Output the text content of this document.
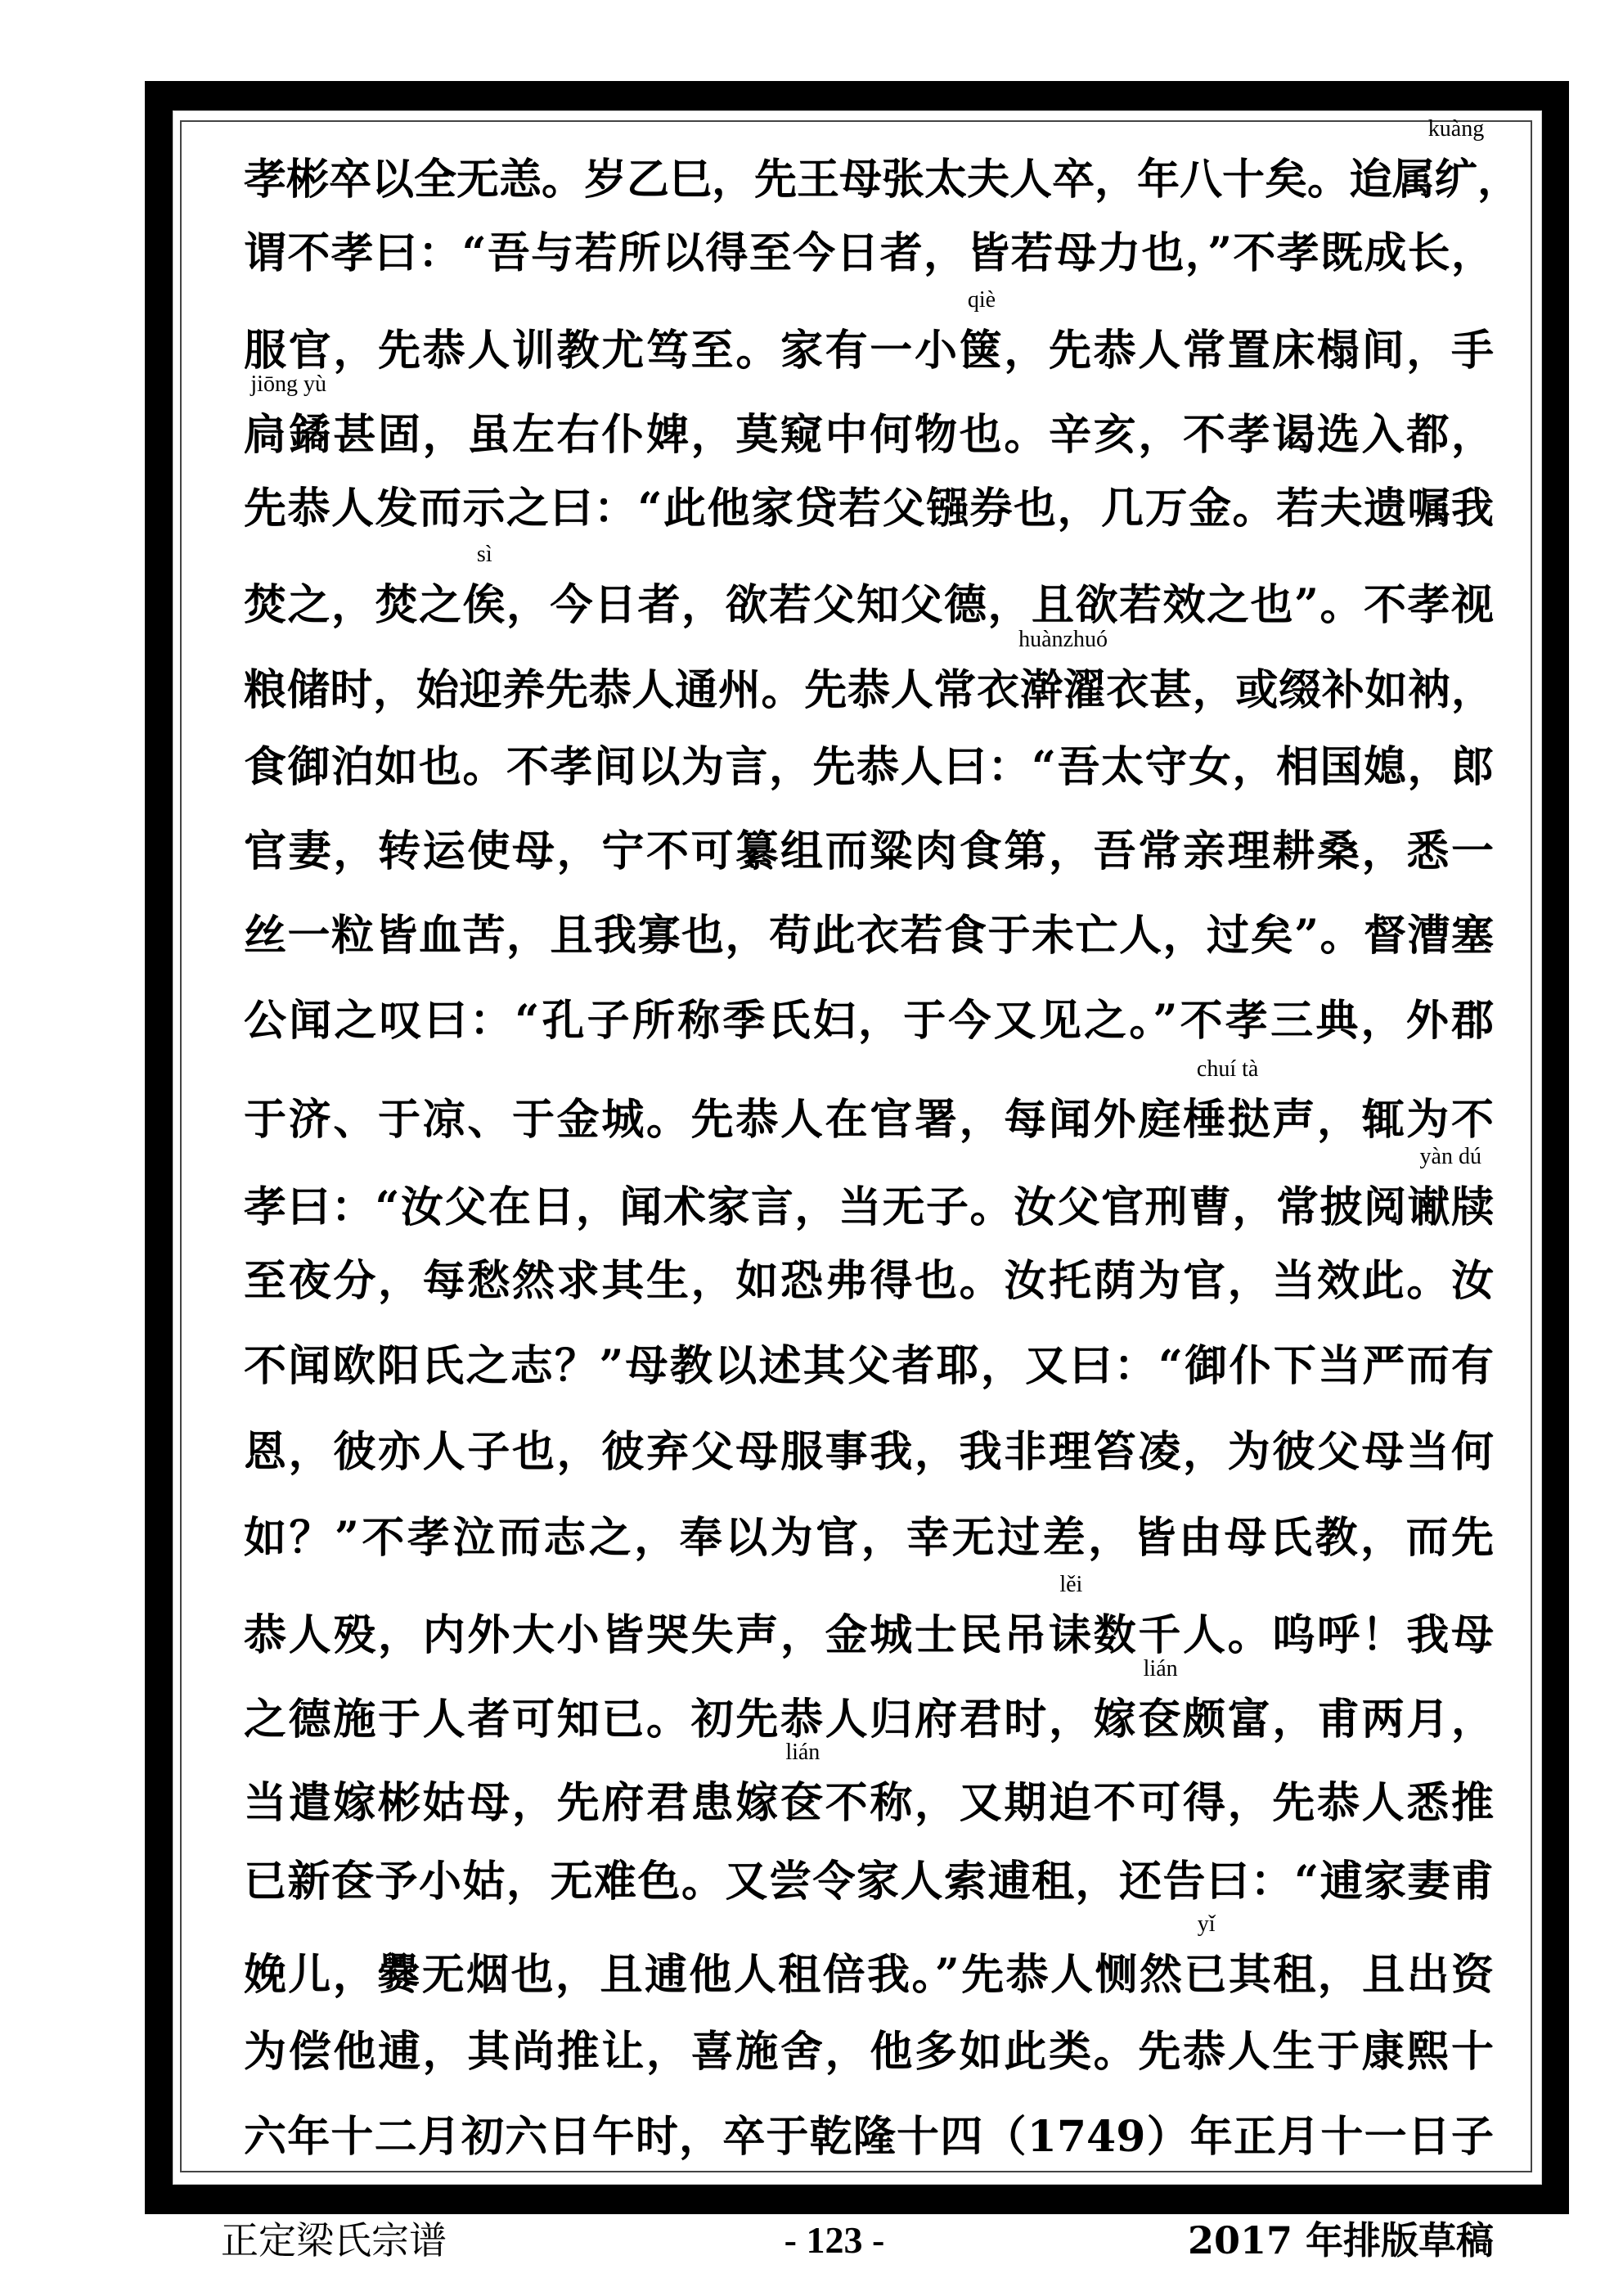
孝彬卒以全无恙。岁乙巳，先王母张太夫人卒，年八十矣。迨属纩
kuàng
，
谓不孝曰：“吾与若所以得至今日者，皆若母力也，”不孝既成长，
服官，先恭人训教尤笃至。家有一小箧
qiè
，先恭人常置床榻间，手
扃鐍
jiōng yù
甚固，虽左右仆婢，莫窥中何物也。辛亥，不孝谒选入都，
先恭人发而示之曰：“此他家贷若父镪券也，几万金。若夫遗嘱我
焚之，焚之俟
sì
，今日者，欲若父知父德，且欲若效之也”。不孝视
粮储时，始迎养先恭人通州。先恭人常衣澣濯
huànzhuó
衣甚，或缀补如衲，
食御泊如也。不孝间以为言，先恭人曰：“吾太守女，相国媳，郎
官妻，转运使母，宁不可纂组而粱肉食第，吾常亲理耕桑，悉一
丝一粒皆血苦，且我寡也，苟此衣若食于未亡人，过矣”。督漕塞
公闻之叹曰：“孔子所称季氏妇，于今又见之。”不孝三典，外郡
于济、于凉、于金城。先恭人在官署，每闻外庭棰挞
chuí tà
声，辄为不
孝曰：“汝父在日，闻术家言，当无子。汝父官刑曹，常披阅谳牍
yàn dú
至夜分，每愁然求其生，如恐弗得也。汝托荫为官，当效此。汝
不闻欧阳氏之志？”母教以述其父者耶，又曰：“御仆下当严而有
恩，彼亦人子也，彼弃父母服事我，我非理笞凌，为彼父母当何
如？”不孝泣而志之，奉以为官，幸无过差，皆由母氏教，而先
恭人殁，内外大小皆哭失声，金城士民吊诔
lěi
数千人。呜呼！我母
之德施于人者可知已。初先恭人归府君时，嫁奁
lián
颇富，甫两月，
当遣嫁彬姑母，先府君患嫁奁
lián
不称，又期迫不可得，先恭人悉推
已新奁予小姑，无难色。又尝令家人索逋租，还告曰：“逋家妻甫
娩儿，爨无烟也，且逋他人租倍我。”先恭人恻然已
yǐ
其租，且出资
为偿他逋，其尚推让，喜施舍，他多如此类。先恭人生于康熙十
六年十二月初六日午时，卒于乾隆十四（1749）年正月十一日子
正定梁氏宗谱	- 123 -	2017 年排版草稿
